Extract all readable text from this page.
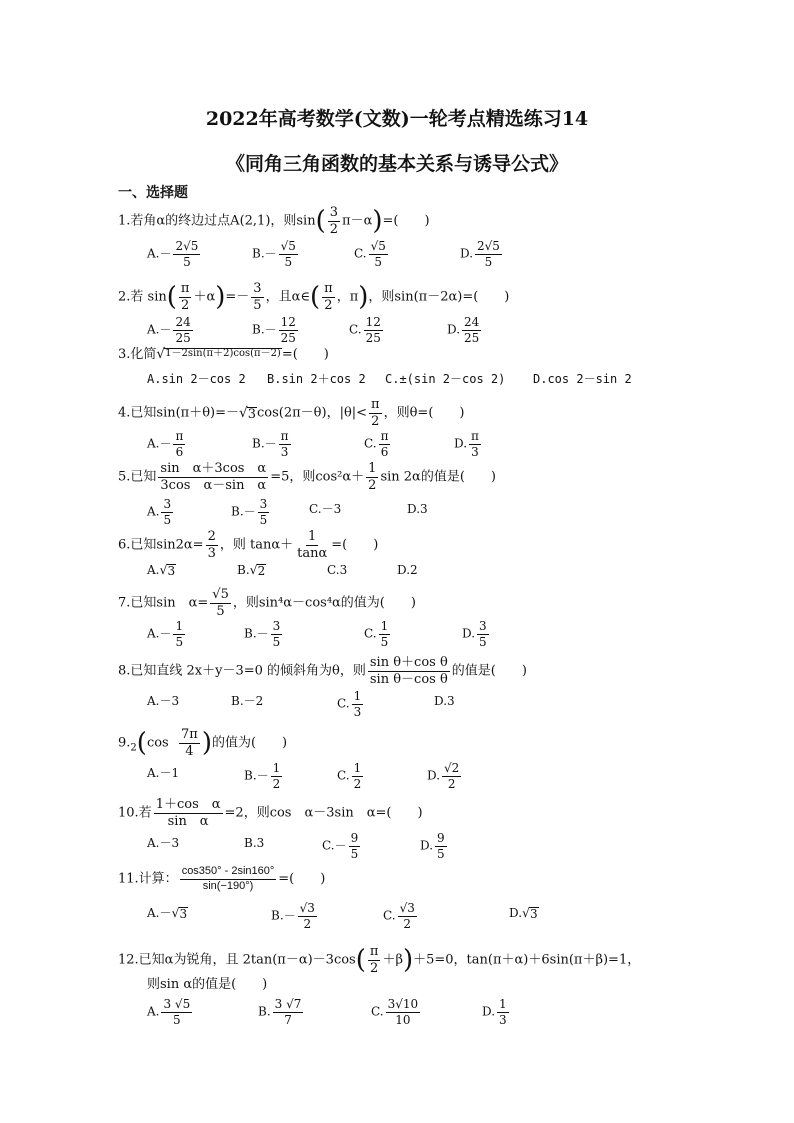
2022年高考数学(文数)一轮考点精选练习14
《同角三角函数的基本关系与诱导公式》
一、选择题
1.若角α的终边过点A(2,1)，则$\sin( \frac{3}{2} \pi-\alpha)=$(　　)
$A.- \frac{2√5}{5}$	$B.- \frac{√5}{5}$	C. $\frac{√5}{5}$	D. $\frac{2√5}{5}$
2.若 $\sin( \frac{\pi}{2} +\alpha)=- \frac{3}{5}$ ，且α∈( $\frac{\pi}{2}$ ，π)，则sin(π－2α)=(　　)
$A.- \frac{24}{25}$	$B.- \frac{12}{25}$	C. $\frac{12}{25}$	D. $\frac{24}{25}$
3.化简 √ 1－2sin(π＋2)cos(π－2) =(　　)
A.sin 2－cos 2 B.sin 2＋cos 2 C.±(sin 2－cos 2) D.cos 2－sin 2
4.已知sin(π＋θ)=－ √ 3 cos(2π－θ)，$|\theta|< \frac{\pi}{2}$ ，则θ=(　　)
$A.- \frac{\pi}{6}$	$B.- \frac{\pi}{3}$	C. $\frac{\pi}{6}$	D. $\frac{\pi}{3}$
5.已知 $\frac{\text{sin　α＋3cos　α}}{\text{3cos　α－sin　α}} =5$，则$\cos^2\alpha+ \frac{1}{2}$ sin 2α的值是(　　)
A. $\frac{3}{5}$	$B.- \frac{3}{5}$	C.－3	D.3
6.已知$\sin 2\alpha= \frac{2}{3}$ ，则 $\tan\alpha+ \frac{1}{\tan\alpha}$ =(　　)
A. √ 3	B. √ 2	C.3	D.2
7.已知sin　$\alpha= \frac{√5}{5}$ ，则sin⁴α－cos⁴α的值为(　　)
$A.- \frac{1}{5}$	$B.- \frac{3}{5}$	C. $\frac{1}{5}$	D. $\frac{3}{5}$
8.已知直线 2x＋y－3=0 的倾斜角为θ，则 $\frac{\text{sin θ＋cos θ}}{\text{sin θ－cos θ}}$ 的值是(　　)
A.－3	B.－2	C. $\frac{1}{3}$	D.3
$9._2(\cos \frac{7\pi}{4}$ )的值为(　　)
A.－1	$B.- \frac{1}{2}$	C. $\frac{1}{2}$	D. $\frac{√2}{2}$
10.若 $\frac{\text{1＋cos　α}}{\text{sin　α}} =2$，则cos　α－3sin　α=(　　)
A.－3	B.3	$C.- \frac{9}{5}$	D. $\frac{9}{5}$
11.计算： $\frac{\cos 350^\circ - 2\sin 160^\circ}{\sin(-190^\circ)}$ =(　　)
A.－ √ 3	$B.- \frac{√3}{2}$	C. $\frac{√3}{2}$	D. √ 3
12.已知α为锐角，且 $2\tan(\pi-\alpha)-3\cos( \frac{\pi}{2} +\beta)+5=0$，tan(π＋α)＋6sin(π＋β)=1，
则sin α的值是(　　)
A. $\frac{3 √5}{5}$	B. $\frac{3 √7}{7}$	C. $\frac{3√10}{10}$	D. $\frac{1}{3}$
